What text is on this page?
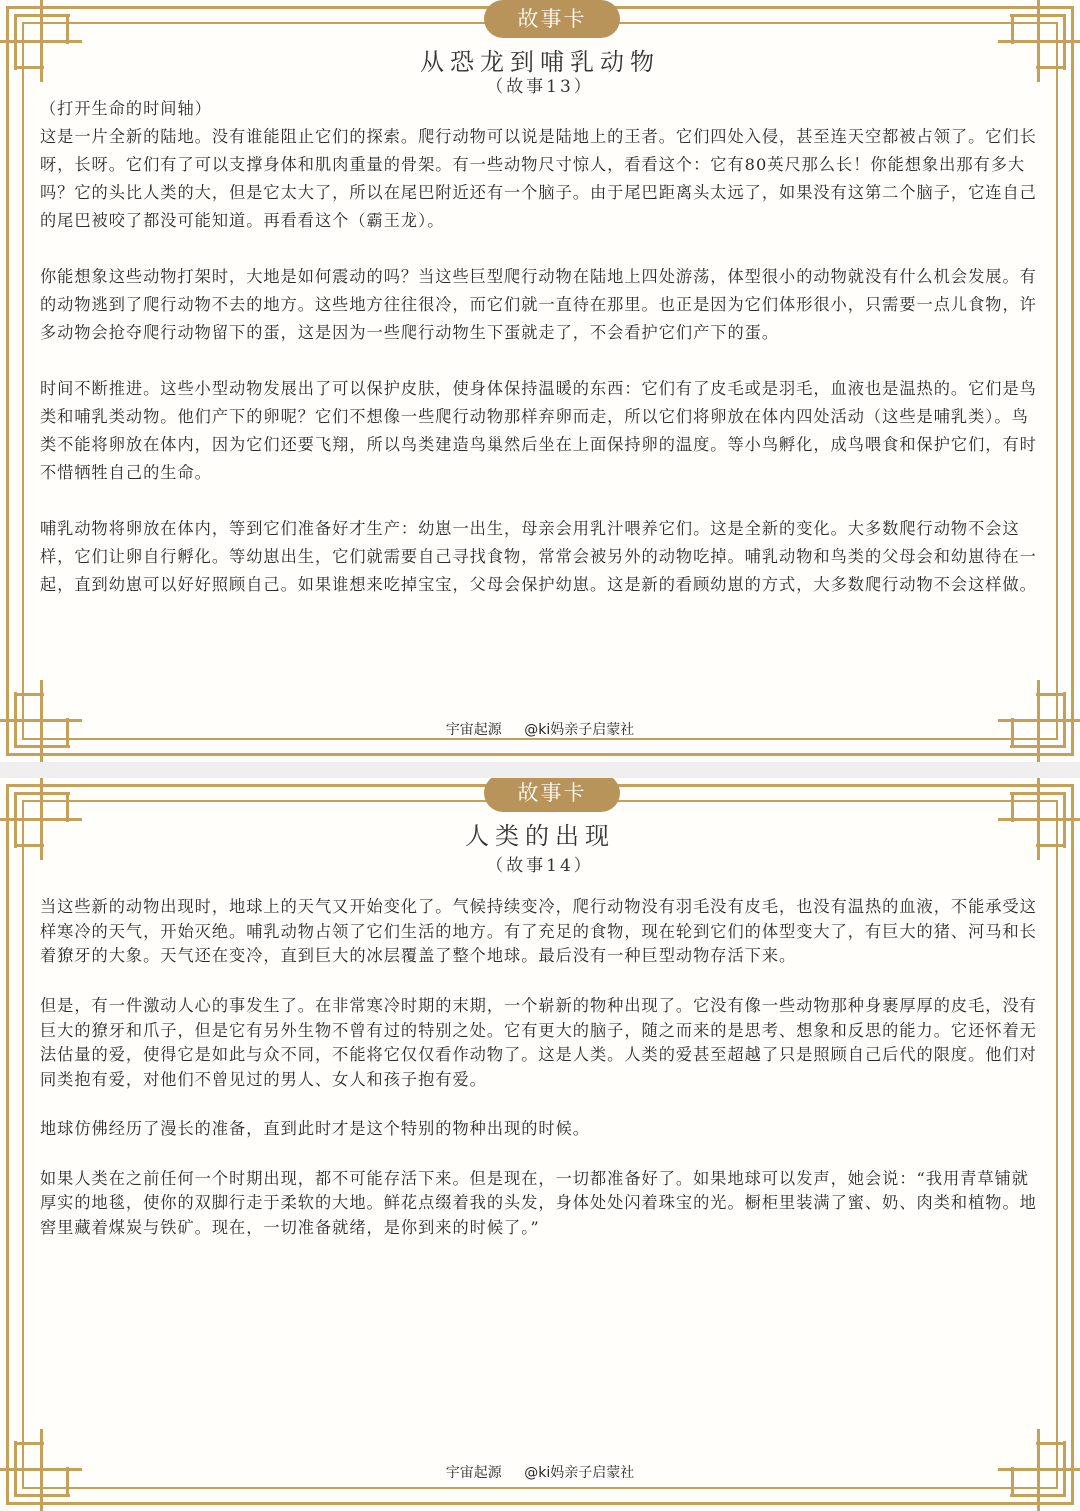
故事卡
从恐龙到哺乳动物
（故事13）

（打开生命的时间轴）

这是一片全新的陆地。没有谁能阻止它们的探索。爬行动物可以说是陆地上的王者。它们四处入侵，甚至连天空都被占领了。它们长呀，长呀。它们有了可以支撑身体和肌肉重量的骨架。有一些动物尺寸惊人，看看这个：它有80英尺那么长！你能想象出那有多大吗？它的头比人类的大，但是它太大了，所以在尾巴附近还有一个脑子。由于尾巴距离头太远了，如果没有这第二个脑子，它连自己的尾巴被咬了都没可能知道。再看看这个（霸王龙）。

你能想象这些动物打架时，大地是如何震动的吗？当这些巨型爬行动物在陆地上四处游荡，体型很小的动物就没有什么机会发展。有的动物逃到了爬行动物不去的地方。这些地方往往很冷，而它们就一直待在那里。也正是因为它们体形很小，只需要一点儿食物，许多动物会抢夺爬行动物留下的蛋，这是因为一些爬行动物生下蛋就走了，不会看护它们产下的蛋。

时间不断推进。这些小型动物发展出了可以保护皮肤，使身体保持温暖的东西：它们有了皮毛或是羽毛，血液也是温热的。它们是鸟类和哺乳类动物。他们产下的卵呢？它们不想像一些爬行动物那样弃卵而走，所以它们将卵放在体内四处活动（这些是哺乳类）。鸟类不能将卵放在体内，因为它们还要飞翔，所以鸟类建造鸟巢然后坐在上面保持卵的温度。等小鸟孵化，成鸟喂食和保护它们，有时不惜牺牲自己的生命。

哺乳动物将卵放在体内，等到它们准备好才生产：幼崽一出生，母亲会用乳汁喂养它们。这是全新的变化。大多数爬行动物不会这样，它们让卵自行孵化。等幼崽出生，它们就需要自己寻找食物，常常会被另外的动物吃掉。哺乳动物和鸟类的父母会和幼崽待在一起，直到幼崽可以好好照顾自己。如果谁想来吃掉宝宝，父母会保护幼崽。这是新的看顾幼崽的方式，大多数爬行动物不会这样做。

宇宙起源 @ki妈亲子启蒙社
故事卡
人类的出现
（故事14）

当这些新的动物出现时，地球上的天气又开始变化了。气候持续变冷，爬行动物没有羽毛没有皮毛，也没有温热的血液，不能承受这样寒冷的天气，开始灭绝。哺乳动物占领了它们生活的地方。有了充足的食物，现在轮到它们的体型变大了，有巨大的猪、河马和长着獠牙的大象。天气还在变冷，直到巨大的冰层覆盖了整个地球。最后没有一种巨型动物存活下来。

但是，有一件激动人心的事发生了。在非常寒冷时期的末期，一个崭新的物种出现了。它没有像一些动物那种身裹厚厚的皮毛，没有巨大的獠牙和爪子，但是它有另外生物不曾有过的特别之处。它有更大的脑子，随之而来的是思考、想象和反思的能力。它还怀着无法估量的爱，使得它是如此与众不同，不能将它仅仅看作动物了。这是人类。人类的爱甚至超越了只是照顾自己后代的限度。他们对同类抱有爱，对他们不曾见过的男人、女人和孩子抱有爱。

地球仿佛经历了漫长的准备，直到此时才是这个特别的物种出现的时候。

如果人类在之前任何一个时期出现，都不可能存活下来。但是现在，一切都准备好了。如果地球可以发声，她会说：“我用青草铺就厚实的地毯，使你的双脚行走于柔软的大地。鲜花点缀着我的头发，身体处处闪着珠宝的光。橱柜里装满了蜜、奶、肉类和植物。地窖里藏着煤炭与铁矿。现在，一切准备就绪，是你到来的时候了。”

宇宙起源 @ki妈亲子启蒙社
